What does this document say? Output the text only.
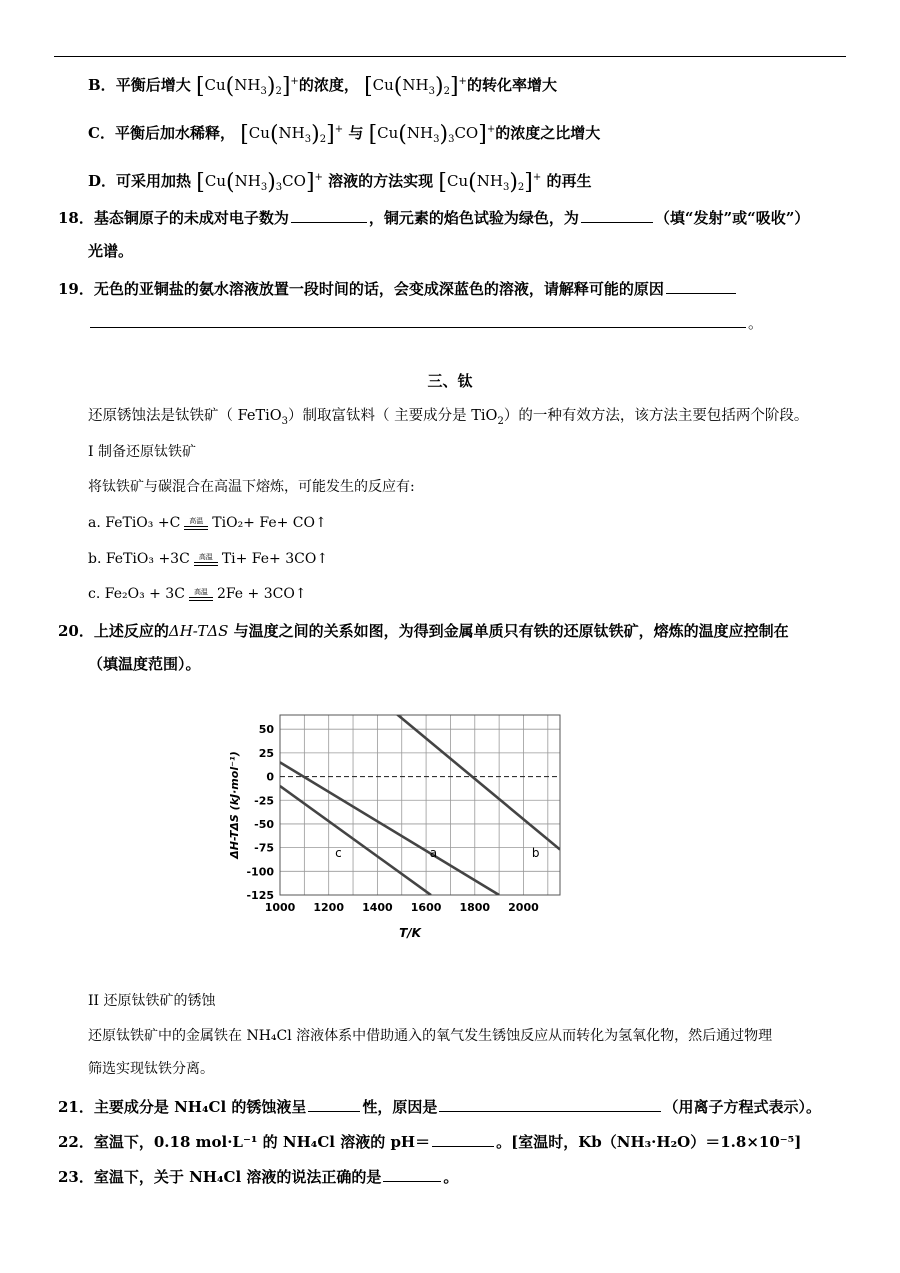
B．平衡后增大 $[Cu(NH_3)_2]^+$的浓度， $[Cu(NH_3)_2]^+$的转化率增大
C．平衡后加水稀释， $[Cu(NH_3)_2]^+$ 与 $[Cu(NH_3)_3CO]^+$的浓度之比增大
D．可采用加热 $[Cu(NH_3)_3CO]^+$ 溶液的方法实现 $[Cu(NH_3)_2]^+$ 的再生
18．基态铜原子的未成对电子数为	，铜元素的焰色试验为绿色，为	（填“发射”或“吸收”）
光谱。
19．无色的亚铜盐的氨水溶液放置一段时间的话，会变成深蓝色的溶液，请解释可能的原因
。
三、钛
还原锈蚀法是钛铁矿（ FeTiO$_3$）制取富钛料（ 主要成分是 TiO$_2$）的一种有效方法，该方法主要包括两个阶段。
I 制备还原钛铁矿
将钛铁矿与碳混合在高温下熔炼，可能发生的反应有:
a. FeTiO₃ +C	高温 TiO₂+ Fe+ CO↑
b. FeTiO₃ +3C	高温 Ti+ Fe+ 3CO↑
c. Fe₂O₃ + 3C	高温 2Fe + 3CO↑
20．上述反应的ΔH-TΔS 与温度之间的关系如图，为得到金属单质只有铁的还原钛铁矿，熔炼的温度应控制在
（填温度范围）。
50
25
0
-25
-50
-75
-100
-125
1000 1200 1400 1600 1800 2000
T/K
ΔH-TΔS (kJ·mol⁻¹)	a	b
c
II 还原钛铁矿的锈蚀
还原钛铁矿中的金属铁在 NH₄Cl 溶液体系中借助通入的氧气发生锈蚀反应从而转化为氢氧化物，然后通过物理
筛选实现钛铁分离。
21．主要成分是 NH₄Cl 的锈蚀液呈	性，原因是	（用离子方程式表示）。
22．室温下，0.18 mol·L⁻¹ 的 NH₄Cl 溶液的 pH＝	。[室温时，Kb（NH₃·H₂O）＝1.8×10⁻⁵]
23．室温下，关于 NH₄Cl 溶液的说法正确的是	。
